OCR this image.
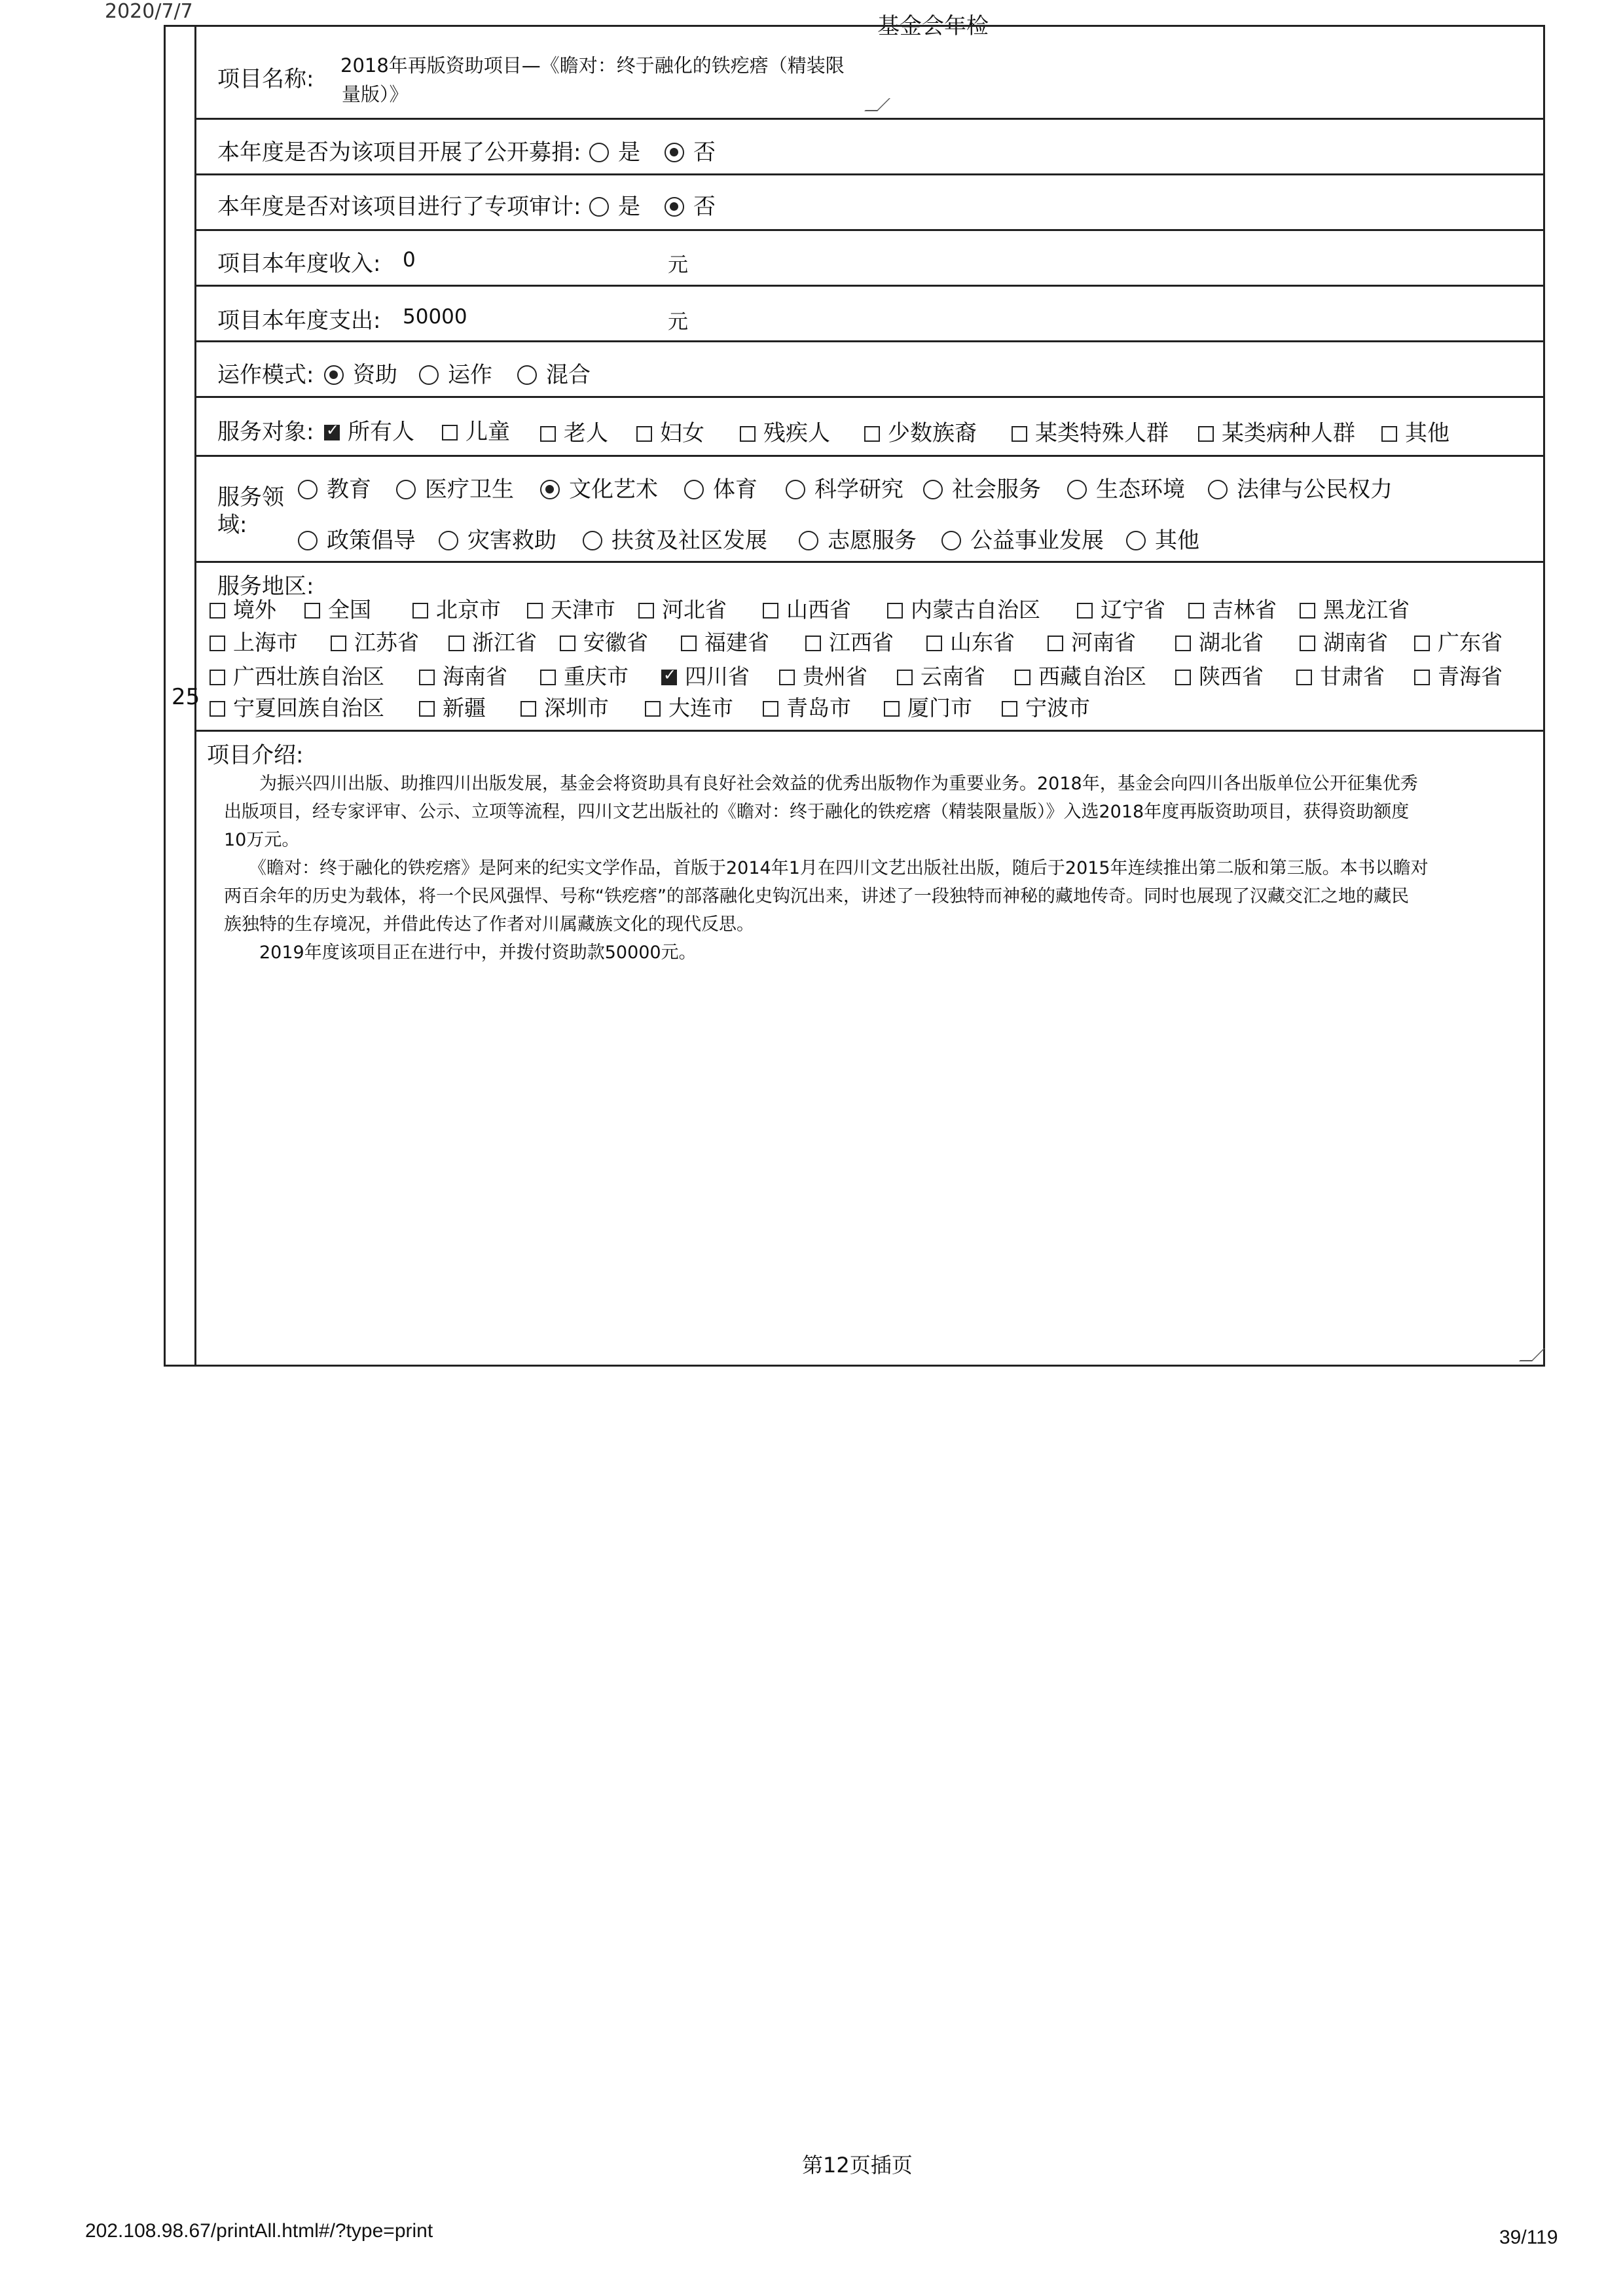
2020/7/7
基金会年检
25
项目名称:
2018年再版资助项目—《瞻对：终于融化的铁疙瘩（精装限
量版）》
本年度是否为该项目开展了公开募捐:	是	否
本年度是否对该项目进行了专项审计:	是	否
项目本年度收入: 0	元
项目本年度支出: 50000	元
运作模式:	资助	运作	混合
服务对象: ✓	所有人	儿童	老人	妇女	残疾人	少数族裔	某类特殊人群	某类病种人群	其他
服务领
域:
教育	医疗卫生	文化艺术	体育	科学研究	社会服务	生态环境	法律与公民权力
政策倡导	灾害救助	扶贫及社区发展	志愿服务	公益事业发展	其他
服务地区:
境外	全国	北京市	天津市	河北省	山西省	内蒙古自治区	辽宁省	吉林省	黑龙江省
上海市	江苏省	浙江省	安徽省	福建省	江西省	山东省	河南省	湖北省	湖南省	广东省
广西壮族自治区	海南省	重庆市 ✓	四川省	贵州省	云南省	西藏自治区	陕西省	甘肃省	青海省
宁夏回族自治区	新疆	深圳市	大连市	青岛市	厦门市	宁波市
项目介绍:
为振兴四川出版、助推四川出版发展，基金会将资助具有良好社会效益的优秀出版物作为重要业务。2018年，基金会向四川各出版单位公开征集优秀
出版项目，经专家评审、公示、立项等流程，四川文艺出版社的《瞻对：终于融化的铁疙瘩（精装限量版）》入选2018年度再版资助项目，获得资助额度
10万元。
《瞻对：终于融化的铁疙瘩》是阿来的纪实文学作品，首版于2014年1月在四川文艺出版社出版，随后于2015年连续推出第二版和第三版。本书以瞻对
两百余年的历史为载体，将一个民风强悍、号称“铁疙瘩”的部落融化史钩沉出来，讲述了一段独特而神秘的藏地传奇。同时也展现了汉藏交汇之地的藏民
族独特的生存境况，并借此传达了作者对川属藏族文化的现代反思。
2019年度该项目正在进行中，并拨付资助款50000元。
第12页插页
202.108.98.67/printAll.html#/?type=print	39/119
